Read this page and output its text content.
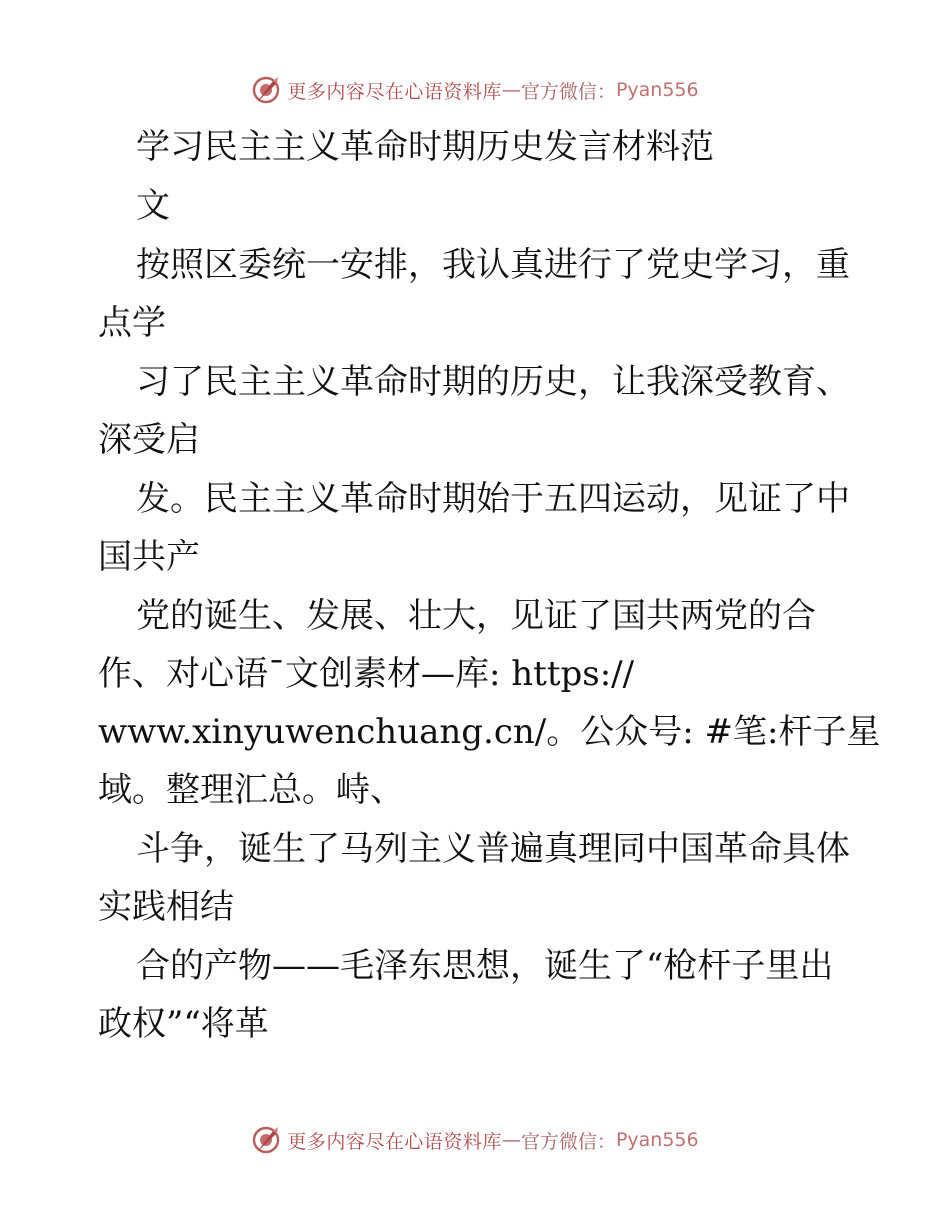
更多内容尽在心语资料库 — 官方微信： Pyan556
学习民主主义革命时期历史发言材料范
文
按照区委统一安排，我认真进行了党史学习，重
点学
习了民主主义革命时期的历史，让我深受教育、
深受启
发。民主主义革命时期始于五四运动，见证了中
国共产
党的诞生、发展、壮大，见证了国共两党的合
作、对心语¯文创素材—库: https://
www.xinyuwenchuang.cn/。公众号: #笔:杆子星
域。整理汇总。峙、
斗争，诞生了马列主义普遍真理同中国革命具体
实践相结
合的产物——毛泽东思想，诞生了“枪杆子里出
政权”“将革
更多内容尽在心语资料库 — 官方微信： Pyan556
